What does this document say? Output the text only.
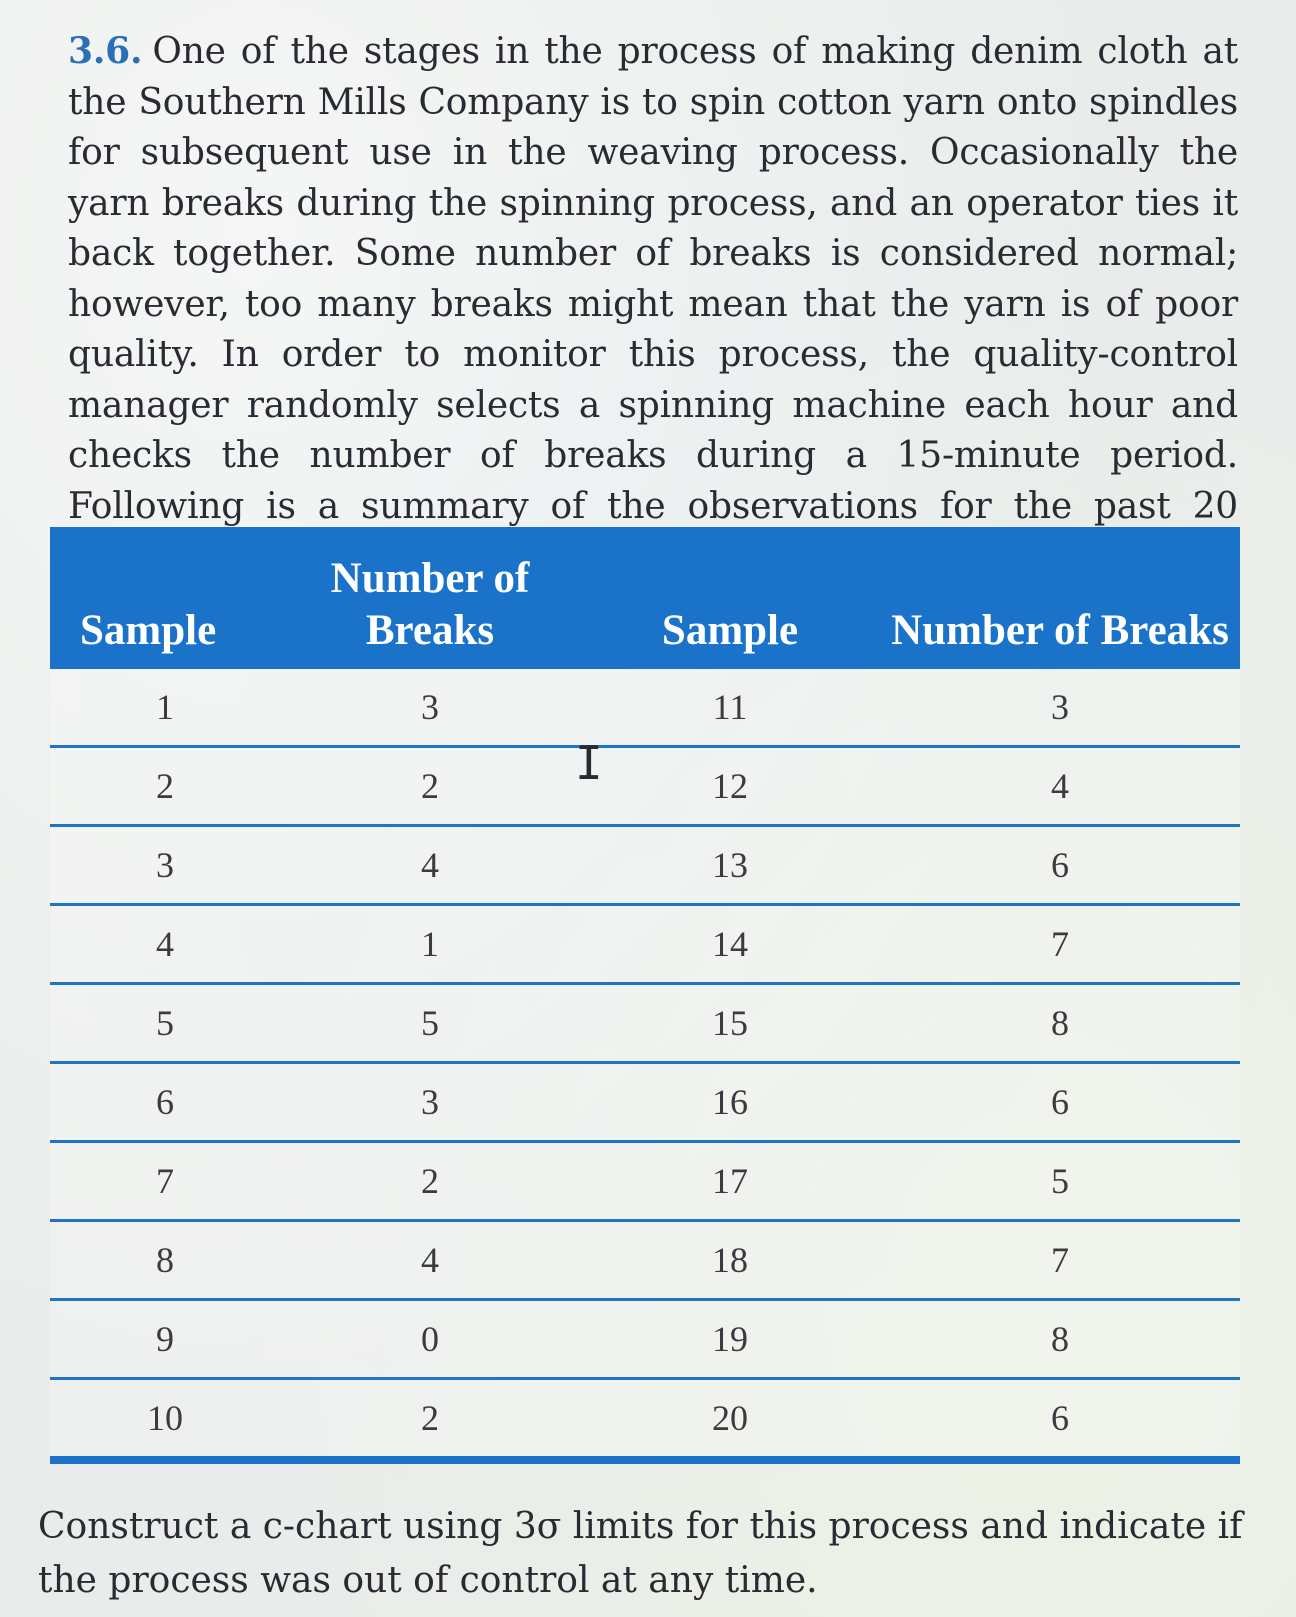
3.6. One of the stages in the process of making denim cloth at the Southern Mills Company is to spin cotton yarn onto spindles for subsequent use in the weaving process. Occasionally the yarn breaks during the spinning process, and an operator ties it back together. Some number of breaks is considered normal; however, too many breaks might mean that the yarn is of poor quality. In order to monitor this process, the quality-control manager randomly selects a spinning machine each hour and checks the number of breaks during a 15-minute period. Following is a summary of the observations for the past 20
Sample	Number of Breaks	Sample	Number of Breaks
1	3	11	3
2	2	12	4
3	4	13	6
4	1	14	7
5	5	15	8
6	3	16	6
7	2	17	5
8	4	18	7
9	0	19	8
10	2	20	6
I
Construct a c-chart using 3σ limits for this process and indicate if the process was out of control at any time.
